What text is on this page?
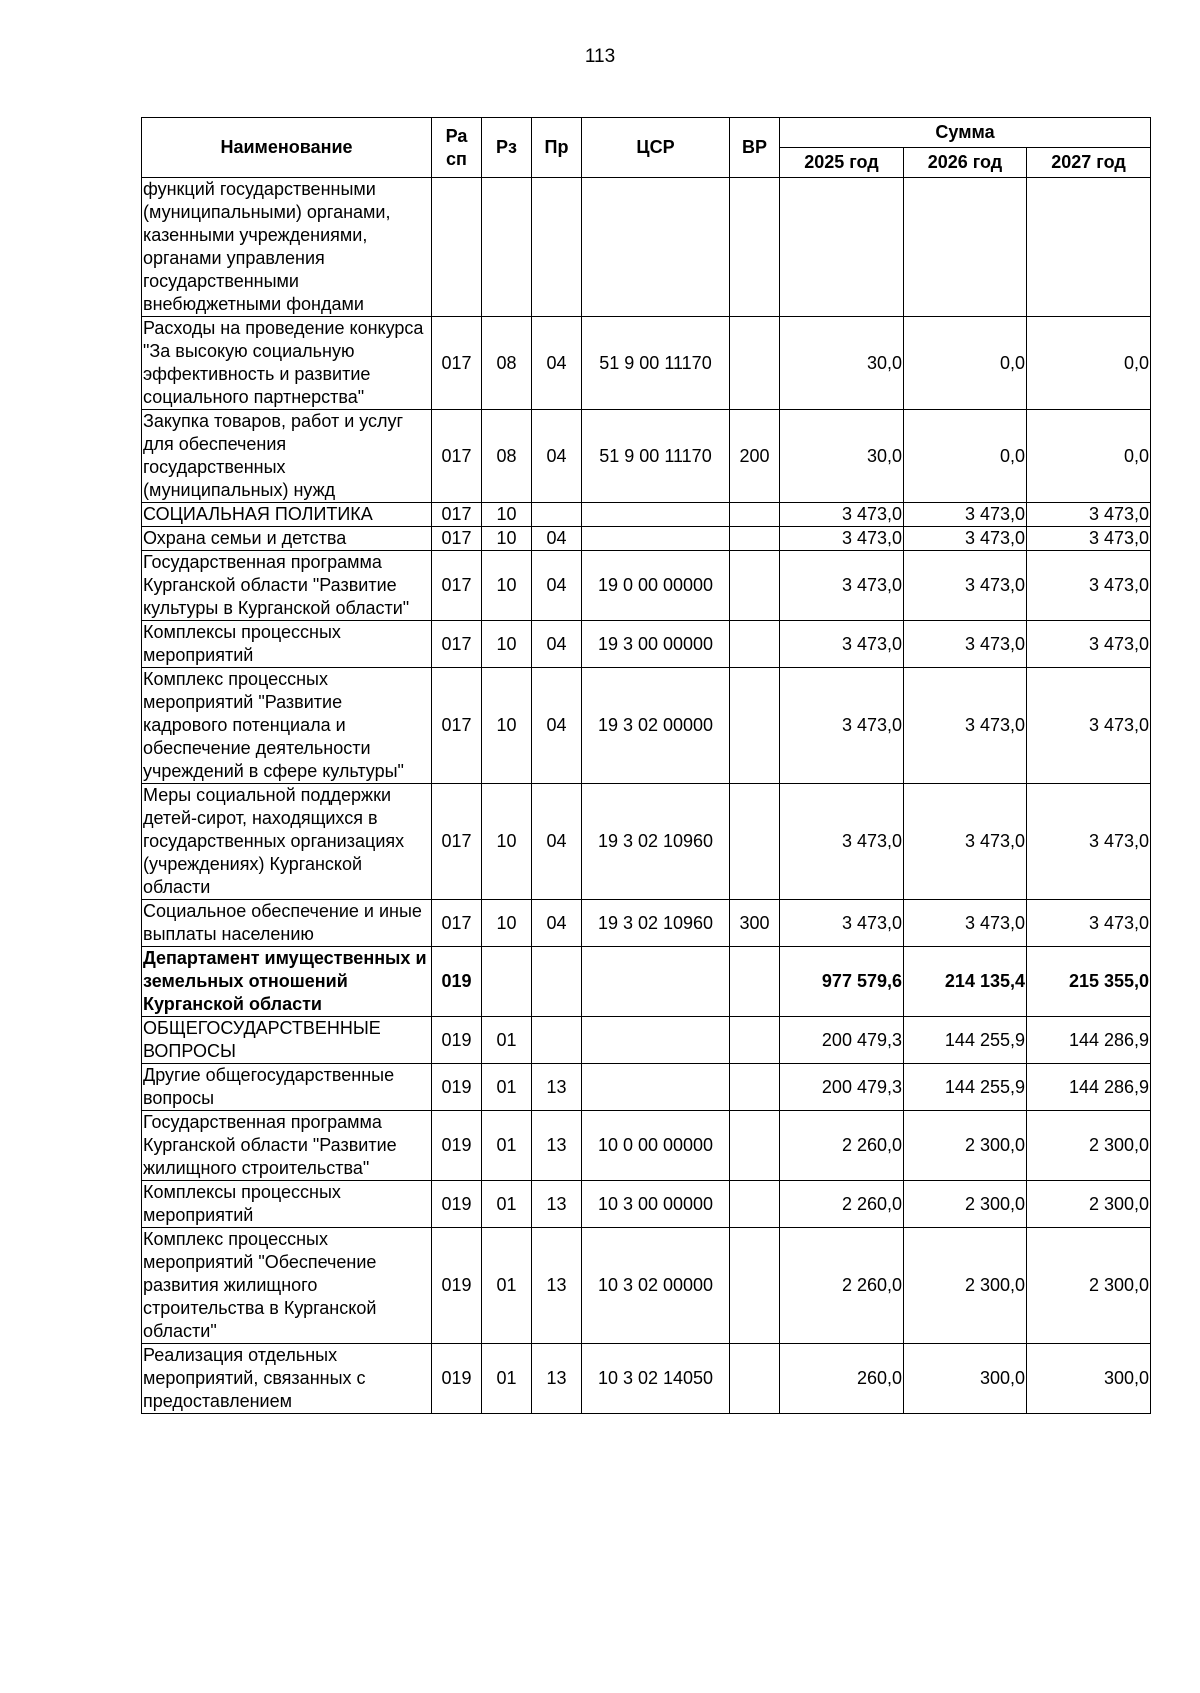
113
Наименование	Ра сп	Рз	Пр	ЦСР	ВР	Сумма		
						2025 год	2026 год	2027 год
функций государственными (муниципальными) органами, казенными учреждениями, органами управления государственными внебюджетными фондами								
Расходы на проведение конкурса "За высокую социальную эффективность и развитие социального партнерства"	017	08	04	51 9 00 11170		30,0	0,0	0,0
Закупка товаров, работ и услуг для обеспечения государственных (муниципальных) нужд	017	08	04	51 9 00 11170	200	30,0	0,0	0,0
СОЦИАЛЬНАЯ ПОЛИТИКА	017	10				3 473,0	3 473,0	3 473,0
Охрана семьи и детства	017	10	04			3 473,0	3 473,0	3 473,0
Государственная программа Курганской области "Развитие культуры в Курганской области"	017	10	04	19 0 00 00000		3 473,0	3 473,0	3 473,0
Комплексы процессных мероприятий	017	10	04	19 3 00 00000		3 473,0	3 473,0	3 473,0
Комплекс процессных мероприятий "Развитие кадрового потенциала и обеспечение деятельности учреждений в сфере культуры"	017	10	04	19 3 02 00000		3 473,0	3 473,0	3 473,0
Меры социальной поддержки детей-сирот, находящихся в государственных организациях (учреждениях) Курганской области	017	10	04	19 3 02 10960		3 473,0	3 473,0	3 473,0
Социальное обеспечение и иные выплаты населению	017	10	04	19 3 02 10960	300	3 473,0	3 473,0	3 473,0
Департамент имущественных и земельных отношений Курганской области	019					977 579,6	214 135,4	215 355,0
ОБЩЕГОСУДАРСТВЕННЫЕ ВОПРОСЫ	019	01				200 479,3	144 255,9	144 286,9
Другие общегосударственные вопросы	019	01	13			200 479,3	144 255,9	144 286,9
Государственная программа Курганской области "Развитие жилищного строительства"	019	01	13	10 0 00 00000		2 260,0	2 300,0	2 300,0
Комплексы процессных мероприятий	019	01	13	10 3 00 00000		2 260,0	2 300,0	2 300,0
Комплекс процессных мероприятий "Обеспечение развития жилищного строительства в Курганской области"	019	01	13	10 3 02 00000		2 260,0	2 300,0	2 300,0
Реализация отдельных мероприятий, связанных с предоставлением	019	01	13	10 3 02 14050		260,0	300,0	300,0
